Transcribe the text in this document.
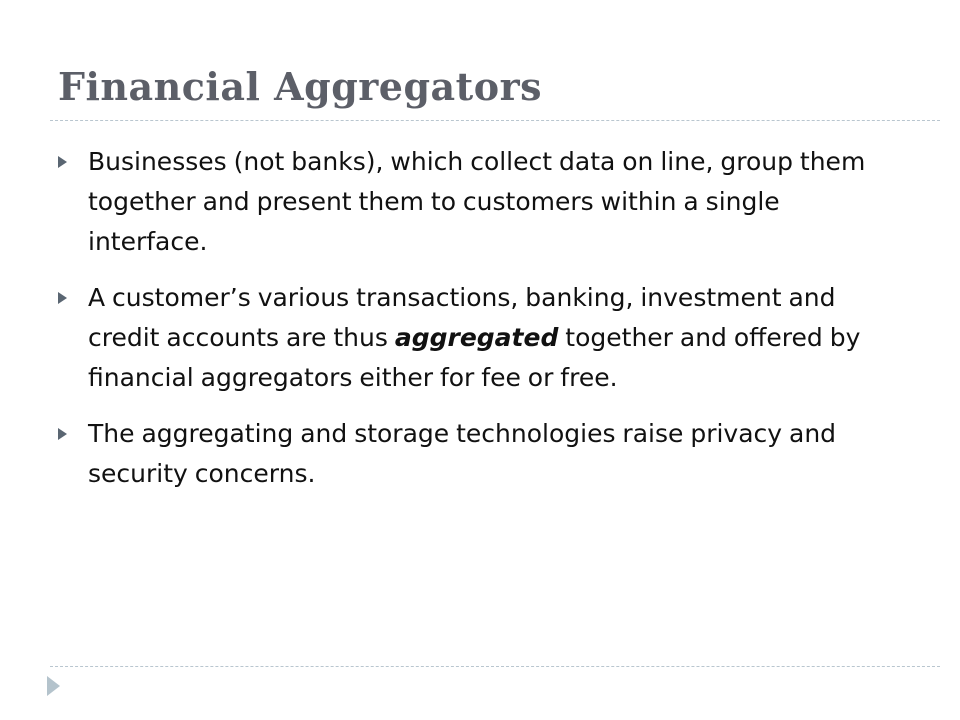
Financial Aggregators
Businesses (not banks), which collect data on line, group them together and present them to customers within a single interface.
A customer’s various transactions, banking, investment and credit accounts are thus aggregated together and offered by financial aggregators either for fee or free.
The aggregating and storage technologies raise privacy and security concerns.
